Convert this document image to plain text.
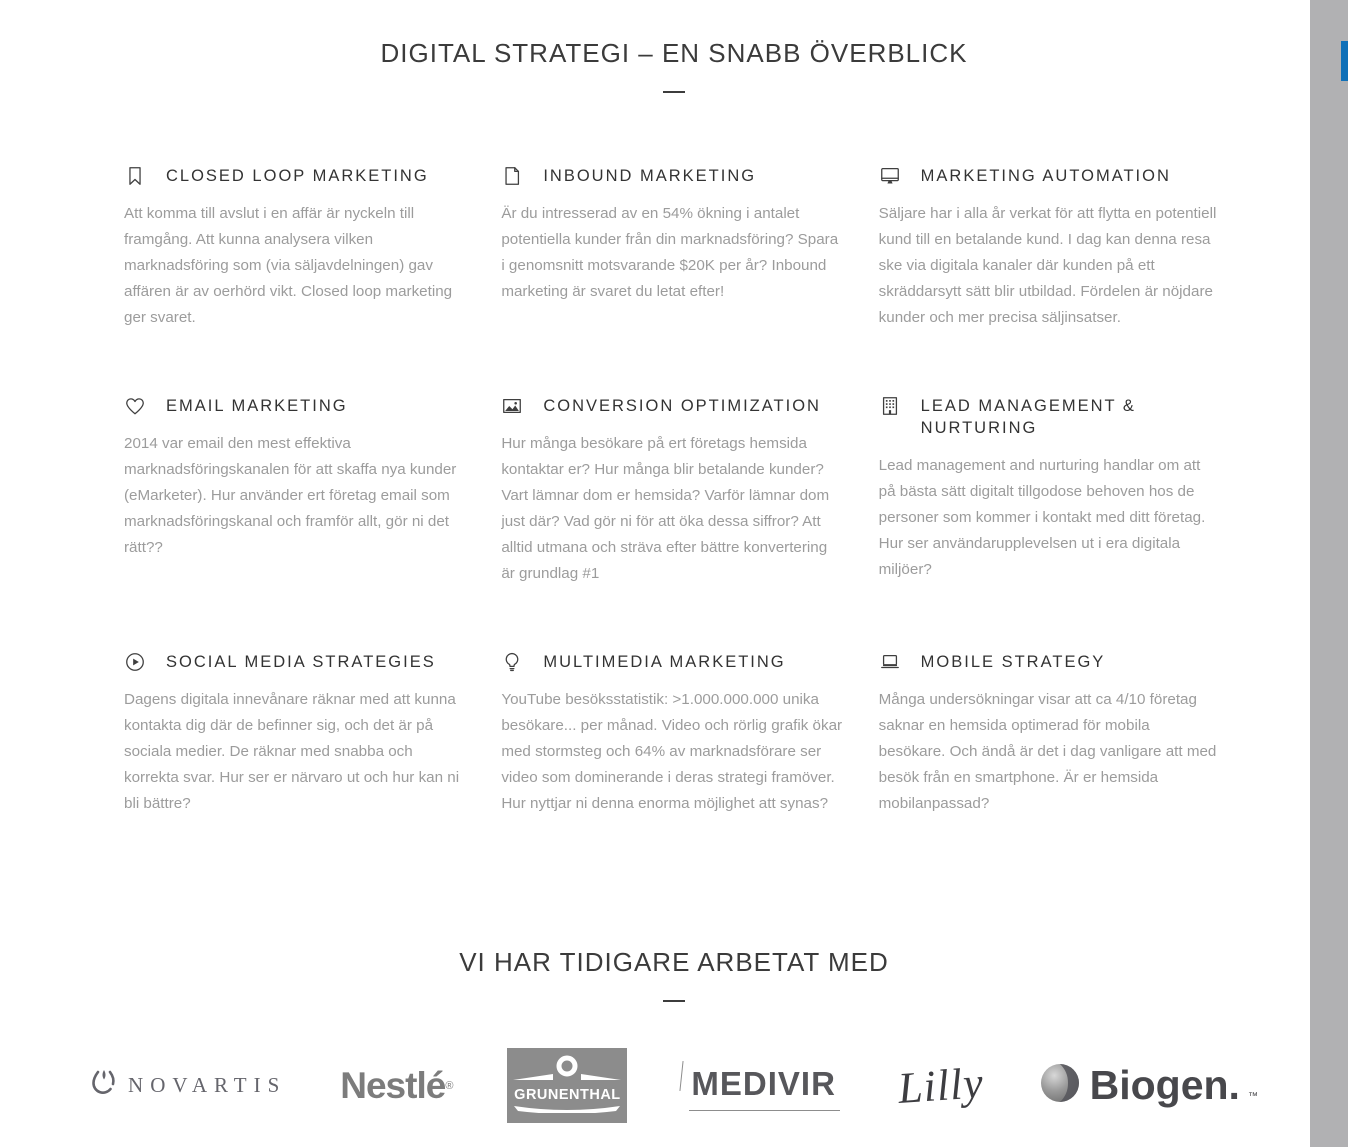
DIGITAL STRATEGI – EN SNABB ÖVERBLICK
CLOSED LOOP MARKETING

Att komma till avslut i en affär är nyckeln till framgång. Att kunna analysera vilken marknadsföring som (via säljavdelningen) gav affären är av oerhörd vikt. Closed loop marketing ger svaret.

INBOUND MARKETING

Är du intresserad av en 54% ökning i antalet potentiella kunder från din marknadsföring? Spara i genomsnitt motsvarande $20K per år? Inbound marketing är svaret du letat efter!

MARKETING AUTOMATION

Säljare har i alla år verkat för att flytta en potentiell kund till en betalande kund. I dag kan denna resa ske via digitala kanaler där kunden på ett skräddarsytt sätt blir utbildad. Fördelen är nöjdare kunder och mer precisa säljinsatser.

EMAIL MARKETING

2014 var email den mest effektiva marknadsföringskanalen för att skaffa nya kunder (eMarketer). Hur använder ert företag email som marknadsföringskanal och framför allt, gör ni det rätt??

CONVERSION OPTIMIZATION

Hur många besökare på ert företags hemsida kontaktar er? Hur många blir betalande kunder? Vart lämnar dom er hemsida? Varför lämnar dom just där? Vad gör ni för att öka dessa siffror? Att alltid utmana och sträva efter bättre konvertering är grundlag #1

LEAD MANAGEMENT & NURTURING

Lead management and nurturing handlar om att på bästa sätt digitalt tillgodose behoven hos de personer som kommer i kontakt med ditt företag. Hur ser användarupplevelsen ut i era digitala miljöer?

SOCIAL MEDIA STRATEGIES

Dagens digitala innevånare räknar med att kunna kontakta dig där de befinner sig, och det är på sociala medier. De räknar med snabba och korrekta svar. Hur ser er närvaro ut och hur kan ni bli bättre?

MULTIMEDIA MARKETING

YouTube besöksstatistik: >1.000.000.000 unika besökare... per månad. Video och rörlig grafik ökar med stormsteg och 64% av marknadsförare ser video som dominerande i deras strategi framöver. Hur nyttjar ni denna enorma möjlighet att synas?

MOBILE STRATEGY

Många undersökningar visar att ca 4/10 företag saknar en hemsida optimerad för mobila besökare. Och ändå är det i dag vanligare att med besök från en smartphone. Är er hemsida mobilanpassad?

VI HAR TIDIGARE ARBETAT MED
NOVARTIS Nestlé ®
GRUNENTHAL MEDIVIR Lilly	Biogen. ™
